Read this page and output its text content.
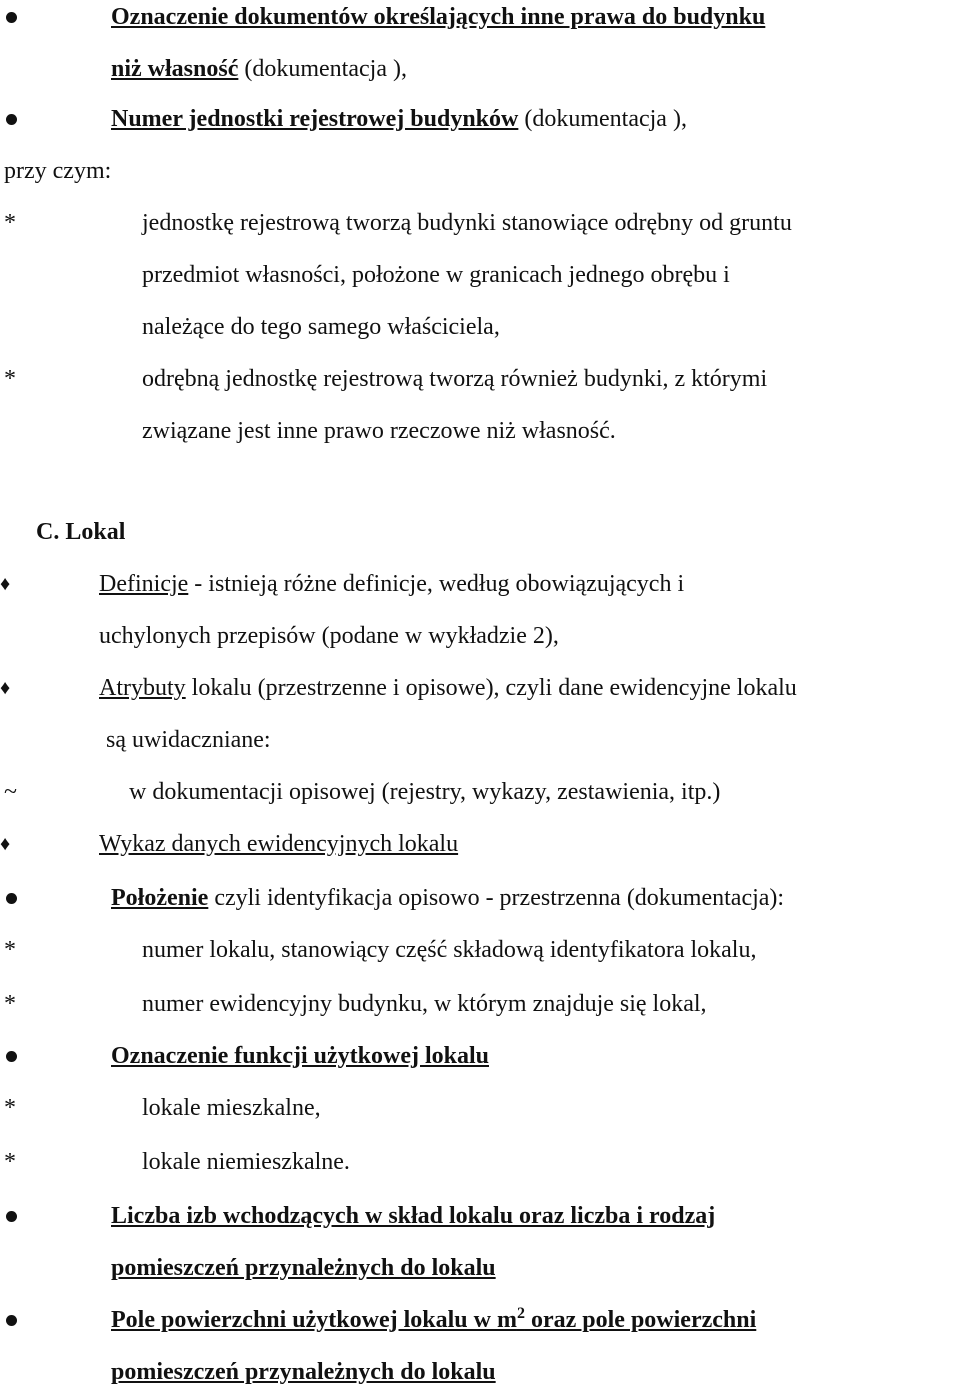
Oznaczenie dokumentów określających inne prawa do budynku
niż własność (dokumentacja ),
Numer jednostki rejestrowej budynków (dokumentacja ),
przy czym:
*	jednostkę rejestrową tworzą budynki stanowiące odrębny od gruntu
przedmiot własności, położone w granicach jednego obrębu i
należące do tego samego właściciela,
*	odrębną jednostkę rejestrową tworzą również budynki, z którymi
związane jest inne prawo rzeczowe niż własność.
C. Lokal
♦	Definicje - istnieją różne definicje, według obowiązujących i
uchylonych przepisów (podane w wykładzie 2),
♦	Atrybuty lokalu (przestrzenne i opisowe), czyli dane ewidencyjne lokalu
są uwidaczniane:
~	w dokumentacji opisowej (rejestry, wykazy, zestawienia, itp.)
♦	Wykaz danych ewidencyjnych lokalu
Położenie czyli identyfikacja opisowo - przestrzenna (dokumentacja):
*	numer lokalu, stanowiący część składową identyfikatora lokalu,
*	numer ewidencyjny budynku, w którym znajduje się lokal,
Oznaczenie funkcji użytkowej lokalu
*	lokale mieszkalne,
*	lokale niemieszkalne.
Liczba izb wchodzących w skład lokalu oraz liczba i rodzaj
pomieszczeń przynależnych do lokalu
Pole powierzchni użytkowej lokalu w $m^2$ oraz pole powierzchni
pomieszczeń przynależnych do lokalu
